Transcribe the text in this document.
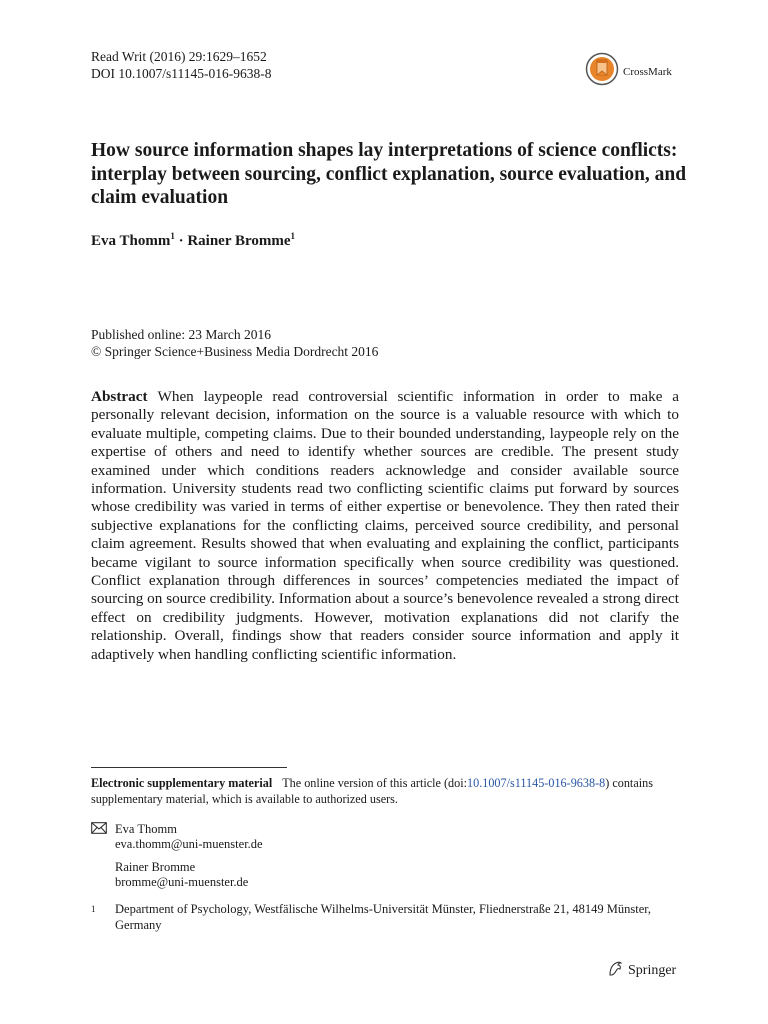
Read Writ (2016) 29:1629–1652
DOI 10.1007/s11145-016-9638-8	CrossMark
How source information shapes lay interpretations of science conflicts: interplay between sourcing, conflict explanation, source evaluation, and claim evaluation
Eva Thomm$^1$ · Rainer Bromme$^1$
Published online: 23 March 2016
© Springer Science+Business Media Dordrecht 2016

Abstract When laypeople read controversial scientific information in order to make a personally relevant decision, information on the source is a valuable resource with which to evaluate multiple, competing claims. Due to their bounded understanding, laypeople rely on the expertise of others and need to identify whether sources are credible. The present study examined under which conditions readers acknowledge and consider available source information. University students read two conflicting scientific claims put forward by sources whose credibility was varied in terms of either expertise or benevolence. They then rated their subjective explanations for the conflicting claims, perceived source credibility, and personal claim agreement. Results showed that when evaluating and explaining the conflict, participants became vigilant to source information specifically when source credibility was questioned. Conflict explanation through differences in sources’ competencies mediated the impact of sourcing on source credibility. Information about a source’s benevolence revealed a strong direct effect on credibility judgments. However, motivation explanations did not clarify the relationship. Overall, findings show that readers consider source information and apply it adaptively when handling conflicting scientific information.

Electronic supplementary material The online version of this article (doi:10.1007/s11145-016-9638-8) contains supplementary material, which is available to authorized users.
Eva Thomm
eva.thomm@uni-muenster.de
Rainer Bromme
bromme@uni-muenster.de
1	Department of Psychology, Westfälische Wilhelms-Universität Münster, Fliednerstraße 21, 48149 Münster, Germany
Springer
